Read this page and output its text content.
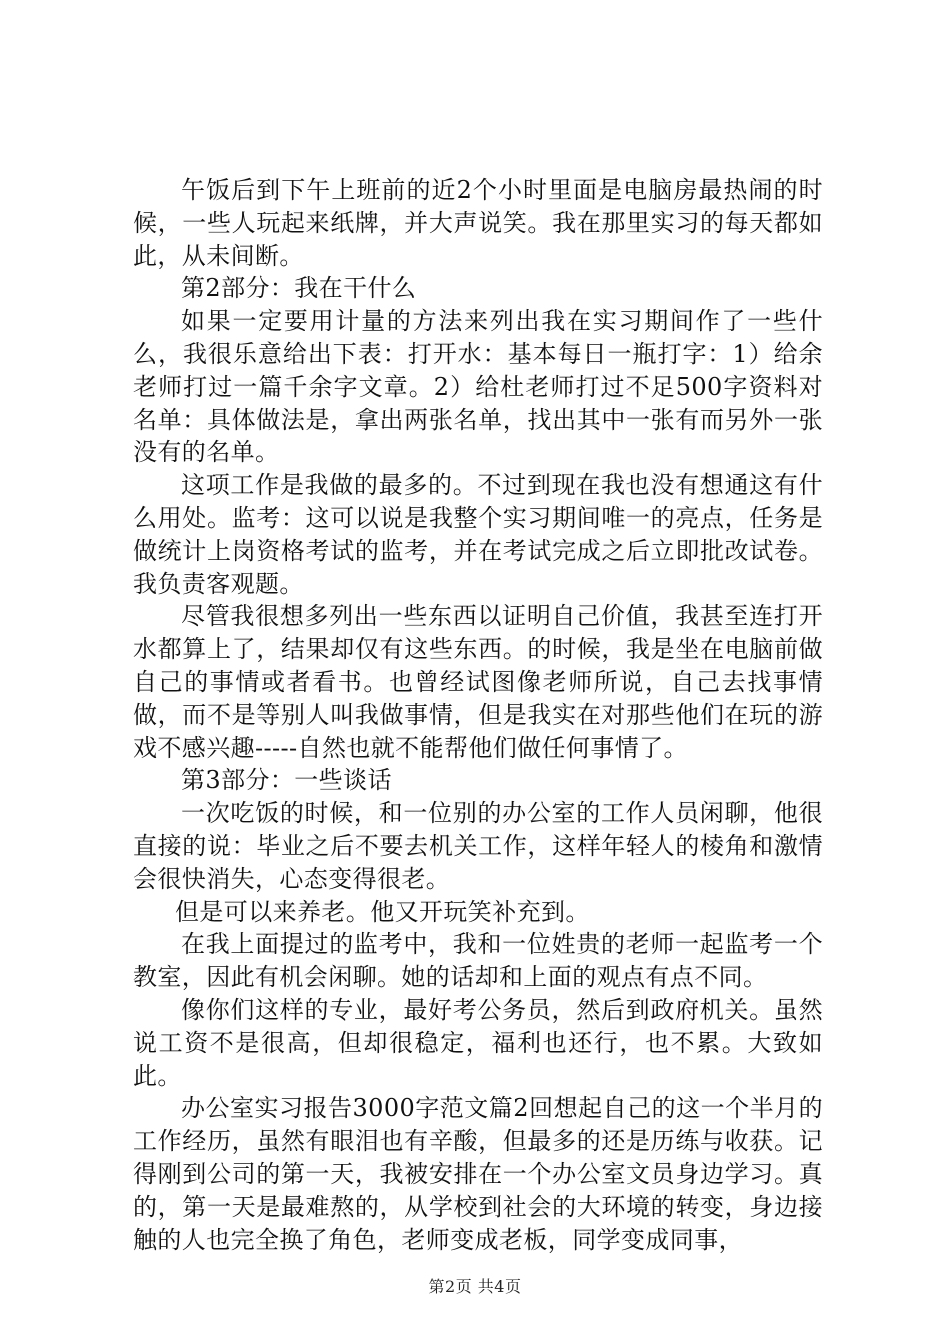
午饭后到下午上班前的近2个小时里面是电脑房最热闹的时候，一些人玩起来纸牌，并大声说笑。我在那里实习的每天都如此，从未间断。

第2部分：我在干什么

如果一定要用计量的方法来列出我在实习期间作了一些什么，我很乐意给出下表：打开水：基本每日一瓶打字：1）给余老师打过一篇千余字文章。2）给杜老师打过不足500字资料对名单：具体做法是，拿出两张名单，找出其中一张有而另外一张没有的名单。

这项工作是我做的最多的。不过到现在我也没有想通这有什么用处。监考：这可以说是我整个实习期间唯一的亮点，任务是做统计上岗资格考试的监考，并在考试完成之后立即批改试卷。我负责客观题。

尽管我很想多列出一些东西以证明自己价值，我甚至连打开水都算上了，结果却仅有这些东西。的时候，我是坐在电脑前做自己的事情或者看书。也曾经试图像老师所说，自己去找事情做，而不是等别人叫我做事情，但是我实在对那些他们在玩的游戏不感兴趣-----自然也就不能帮他们做任何事情了。

第3部分：一些谈话

一次吃饭的时候，和一位别的办公室的工作人员闲聊，他很直接的说：毕业之后不要去机关工作，这样年轻人的棱角和激情会很快消失，心态变得很老。

但是可以来养老。他又开玩笑补充到。

在我上面提过的监考中，我和一位姓贵的老师一起监考一个教室，因此有机会闲聊。她的话却和上面的观点有点不同。

像你们这样的专业，最好考公务员，然后到政府机关。虽然说工资不是很高，但却很稳定，福利也还行，也不累。大致如此。

办公室实习报告3000字范文篇2回想起自己的这一个半月的工作经历，虽然有眼泪也有辛酸，但最多的还是历练与收获。记得刚到公司的第一天，我被安排在一个办公室文员身边学习。真的，第一天是最难熬的，从学校到社会的大环境的转变，身边接触的人也完全换了角色，老师变成老板，同学变成同事，

第2页 共4页
